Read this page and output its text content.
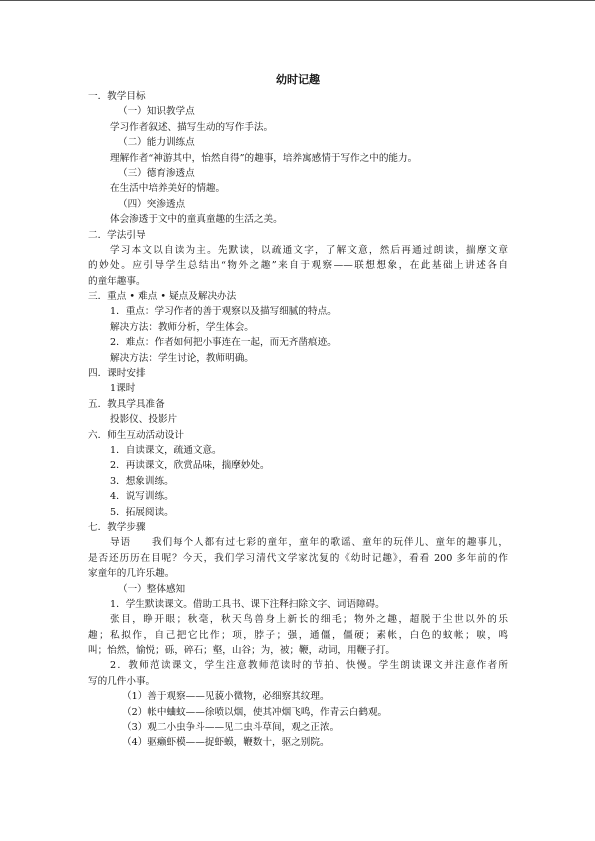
幼时记趣
一．教学目标
（一）知识教学点
学习作者叙述、描写生动的写作手法。
（二）能力训练点
理解作者“神游其中，怡然自得”的趣事，培养寓感情于写作之中的能力。
（三）德育渗透点
在生活中培养美好的情趣。
（四）突渗透点
体会渗透于文中的童真童趣的生活之美。
二．学法引导
学习本文以自读为主。先默读，以疏通文字，了解文意，然后再通过朗读，揣摩文章
的妙处。应引导学生总结出“物外之趣”来自于观察——联想想象，在此基础上讲述各自
的童年趣事。
三．重点 • 难点 • 疑点及解决办法
1．重点：学习作者的善于观察以及描写细腻的特点。
解决方法：教师分析，学生体会。
2．难点：作者如何把小事连在一起，而无齐凿痕迹。
解决方法：学生讨论，教师明确。
四．课时安排
1课时
五．教具学具准备
投影仪、投影片
六．师生互动活动设计
1．自读课文，疏通文意。
2．再读课文，欣赏品味，揣摩妙处。
3．想象训练。
4．说写训练。
5．拓展阅读。
七．教学步骤
导语　　我们每个人都有过七彩的童年，童年的歌谣、童年的玩伴儿、童年的趣事儿，
是否还历历在目呢？今天，我们学习清代文学家沈复的《幼时记趣》，看看 200 多年前的作
家童年的几许乐趣。
（一）整体感知
1．学生默读课文。借助工具书、课下注释扫除文字、词语障碍。
张目，睁开眼；秋毫，秋天鸟兽身上新长的细毛；物外之趣，超脱于尘世以外的乐
趣；私拟作，自己把它比作；项，脖子；强，通僵，僵硬；素帐，白色的蚊帐；唳，鸣
叫；怡然，愉悦；砾，碎石；壑，山谷；为，被；鞭，动词，用鞭子打。
2．教师范读课文，学生注意教师范读时的节拍、快慢。学生朗读课文并注意作者所
写的几件小事。
（1）善于观察——见藐小微物，必细察其纹理。
（2）帐中蛐蚊——徐喷以烟，使其冲烟飞鸣，作青云白鹤观。
（3）观二小虫争斗——见二虫斗草间，观之正浓。
（4）驱癞虾模——捉虾蟆，鞭数十，驱之别院。
